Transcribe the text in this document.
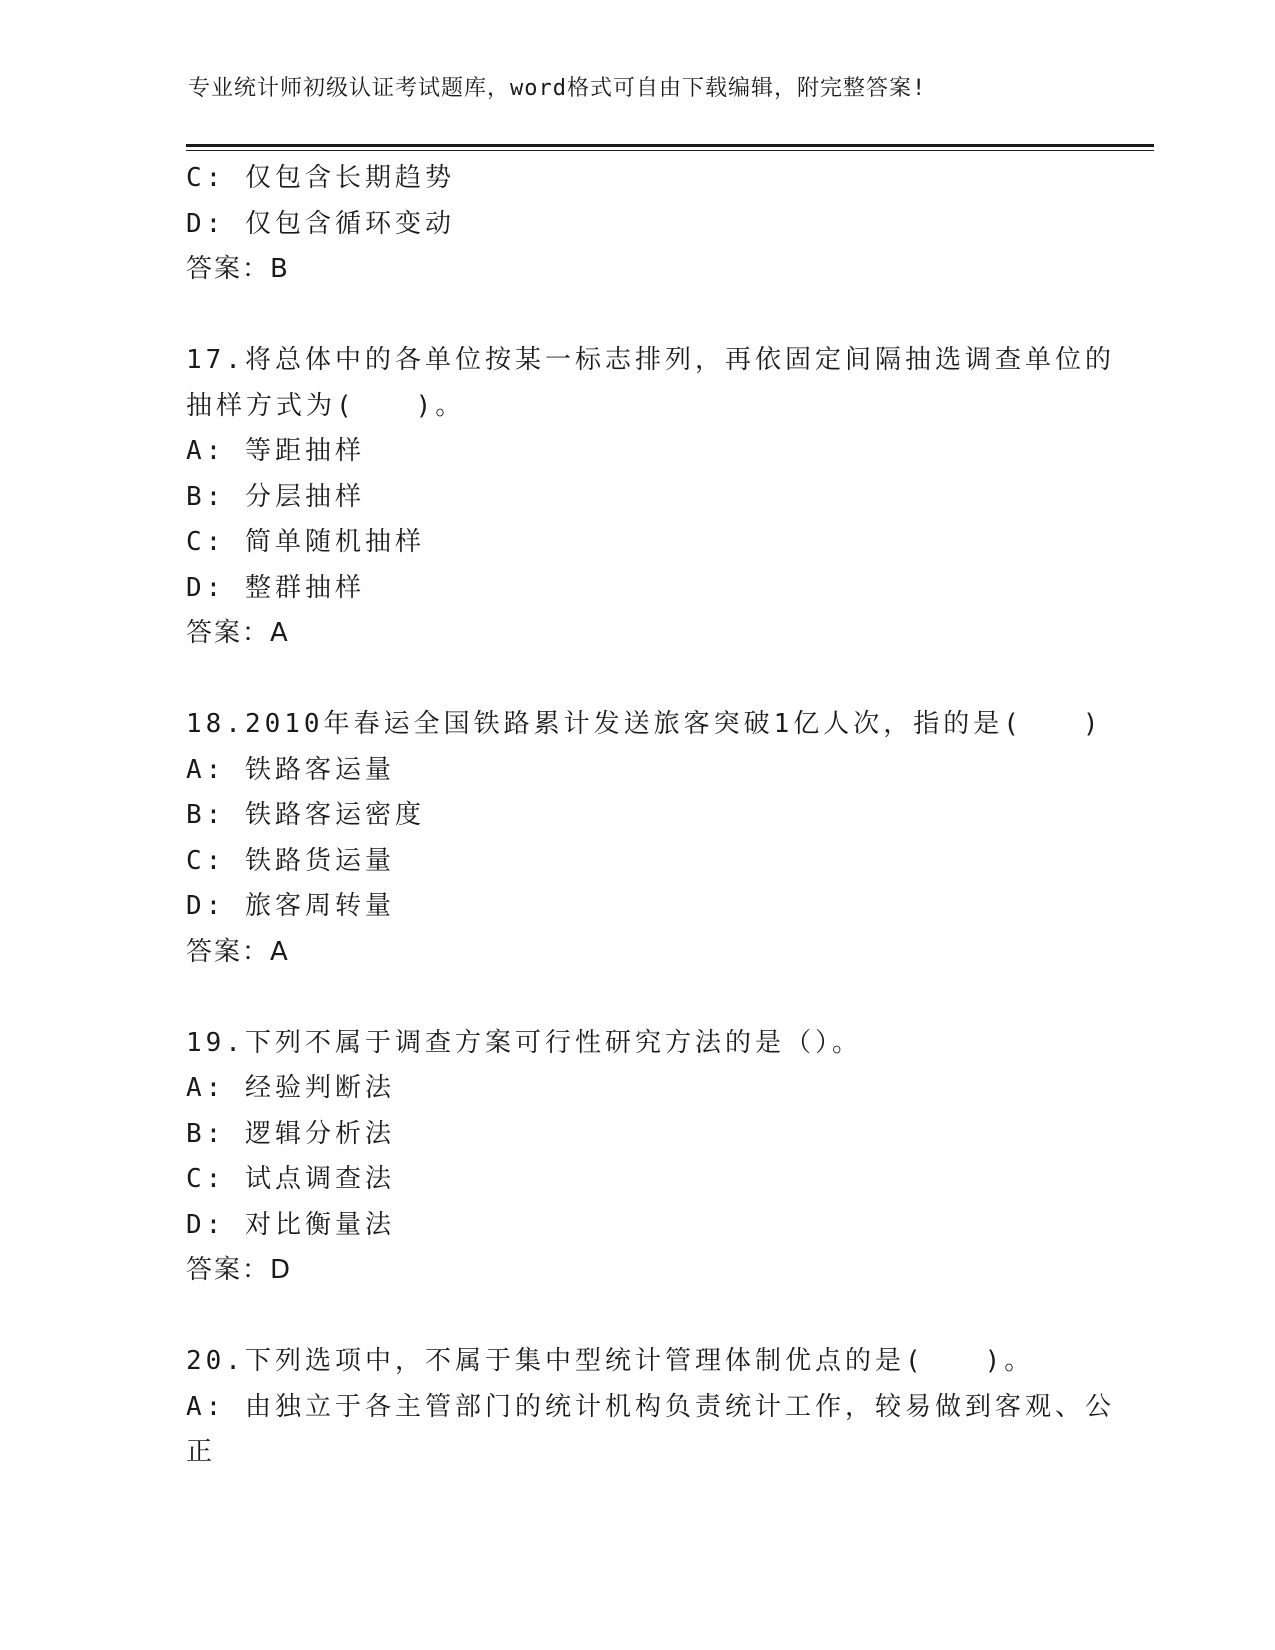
专业统计师初级认证考试题库，word格式可自由下载编辑，附完整答案!
C: 仅包含长期趋势
D: 仅包含循环变动
答案：B
17.将总体中的各单位按某一标志排列，再依固定间隔抽选调查单位的
抽样方式为(　　)。
A: 等距抽样
B: 分层抽样
C: 简单随机抽样
D: 整群抽样
答案：A
18.2010年春运全国铁路累计发送旅客突破1亿人次，指的是(　　)
A: 铁路客运量
B: 铁路客运密度
C: 铁路货运量
D: 旅客周转量
答案：A
19.下列不属于调查方案可行性研究方法的是（）。
A: 经验判断法
B: 逻辑分析法
C: 试点调查法
D: 对比衡量法
答案：D
20.下列选项中，不属于集中型统计管理体制优点的是(　　)。
A: 由独立于各主管部门的统计机构负责统计工作，较易做到客观、公
正
